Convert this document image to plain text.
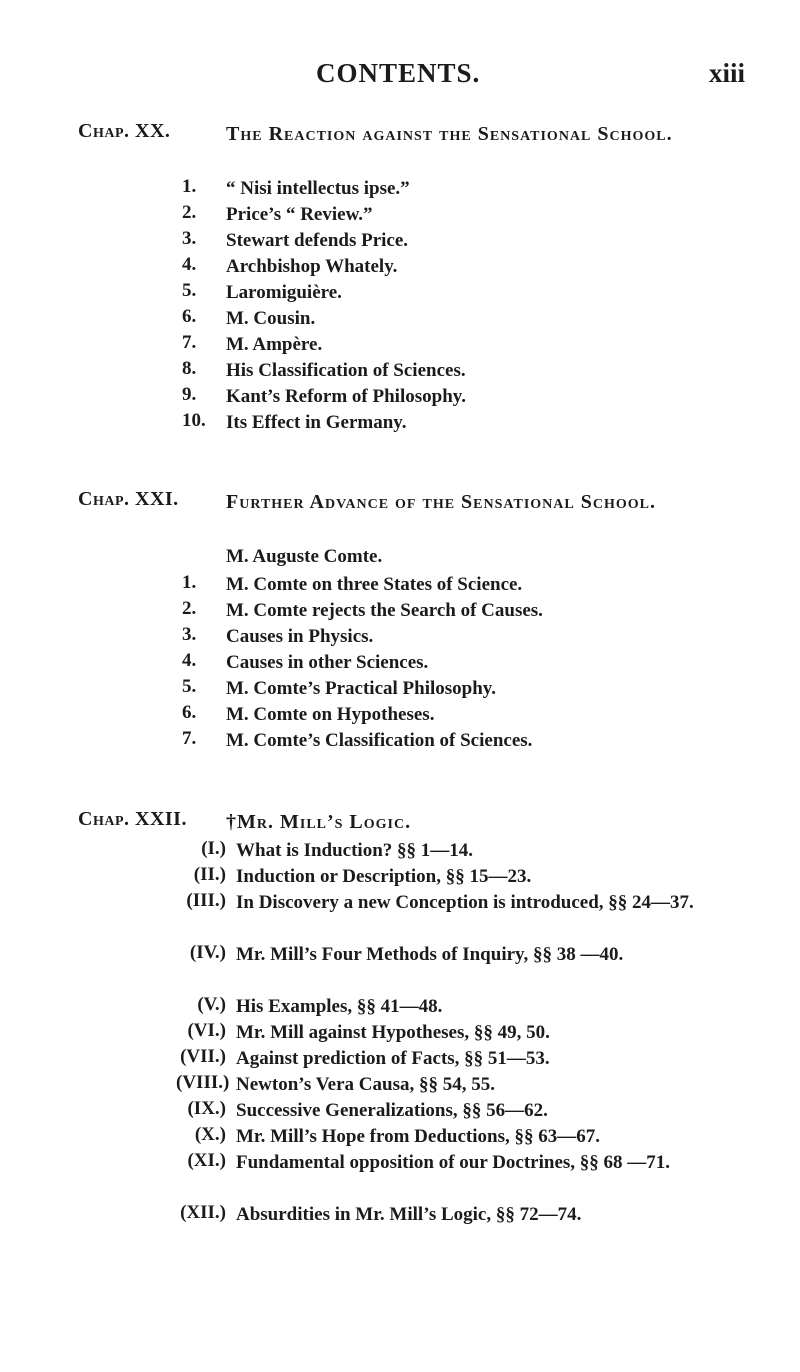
CONTENTS.	xiii
Chap. XX.	The Reaction against the Sensational School.
1.	“ Nisi intellectus ipse.”
2.	Price’s “ Review.”
3.	Stewart defends Price.
4.	Archbishop Whately.
5.	Laromiguière.
6.	M. Cousin.
7.	M. Ampère.
8.	His Classification of Sciences.
9.	Kant’s Reform of Philosophy.
10.	Its Effect in Germany.
Chap. XXI. Further Advance of the Sensational School.
M. Auguste Comte.
1.	M. Comte on three States of Science.
2.	M. Comte rejects the Search of Causes.
3.	Causes in Physics.
4.	Causes in other Sciences.
5.	M. Comte’s Practical Philosophy.
6.	M. Comte on Hypotheses.
7.	M. Comte’s Classification of Sciences.
Chap. XXII. †Mr. Mill’s Logic.
(I.) What is Induction? §§ 1—14.
(II.) Induction or Description, §§ 15—23.
(III.) In Discovery a new Conception is introduced, §§ 24—37.
(IV.) Mr. Mill’s Four Methods of Inquiry, §§ 38 —40.
(V.) His Examples, §§ 41—48.
(VI.) Mr. Mill against Hypotheses, §§ 49, 50.
(VII.) Against prediction of Facts, §§ 51—53.
(VIII.) Newton’s Vera Causa, §§ 54, 55.
(IX.) Successive Generalizations, §§ 56—62.
(X.) Mr. Mill’s Hope from Deductions, §§ 63—67.
(XI.) Fundamental opposition of our Doctrines, §§ 68 —71.
(XII.) Absurdities in Mr. Mill’s Logic, §§ 72—74.
